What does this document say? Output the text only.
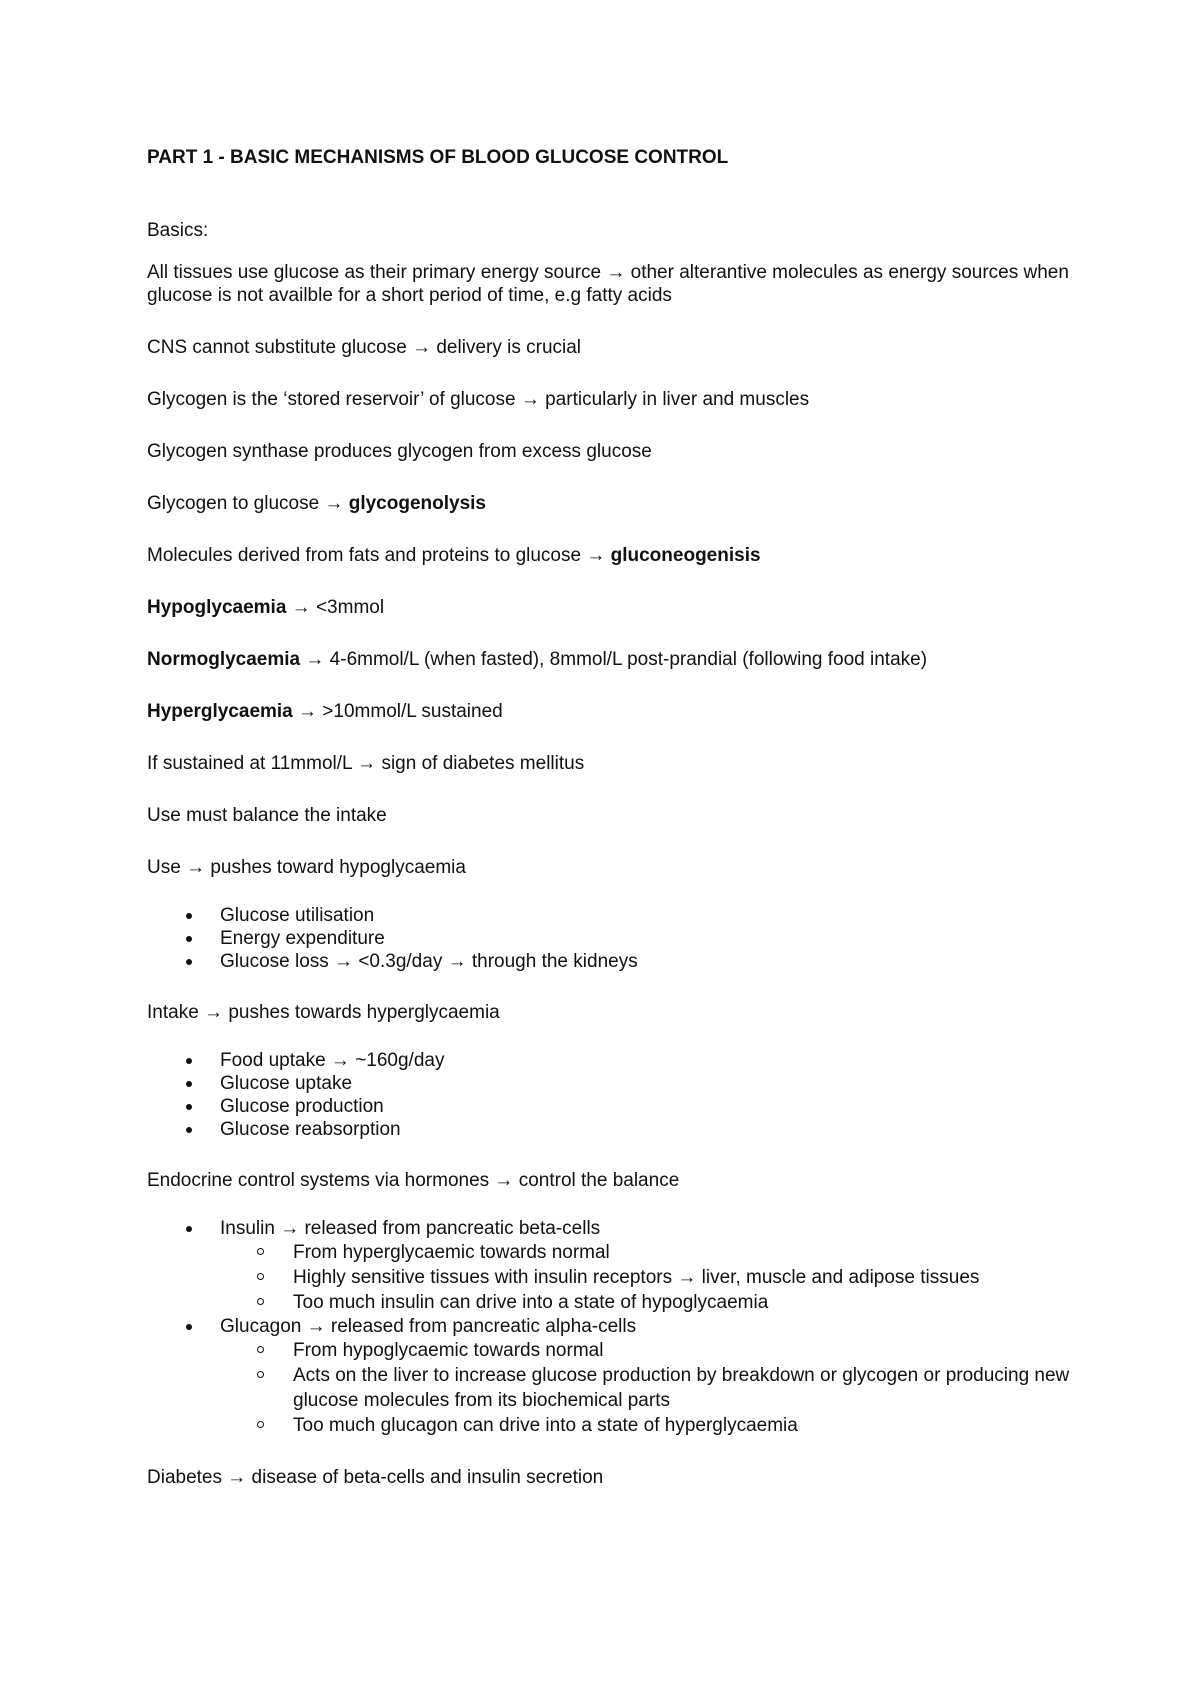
PART 1 - BASIC MECHANISMS OF BLOOD GLUCOSE CONTROL
Basics:
All tissues use glucose as their primary energy source → other alterantive molecules as energy sources when glucose is not availble for a short period of time, e.g fatty acids
CNS cannot substitute glucose → delivery is crucial
Glycogen is the ‘stored reservoir’ of glucose → particularly in liver and muscles
Glycogen synthase produces glycogen from excess glucose
Glycogen to glucose → glycogenolysis
Molecules derived from fats and proteins to glucose → gluconeogenisis
Hypoglycaemia → <3mmol
Normoglycaemia → 4-6mmol/L (when fasted), 8mmol/L post-prandial (following food intake)
Hyperglycaemia → >10mmol/L sustained
If sustained at 11mmol/L → sign of diabetes mellitus
Use must balance the intake
Use → pushes toward hypoglycaemia
Glucose utilisation
Energy expenditure
Glucose loss → <0.3g/day → through the kidneys
Intake → pushes towards hyperglycaemia
Food uptake → ~160g/day
Glucose uptake
Glucose production
Glucose reabsorption
Endocrine control systems via hormones → control the balance
Insulin → released from pancreatic beta-cells
From hyperglycaemic towards normal
Highly sensitive tissues with insulin receptors → liver, muscle and adipose tissues
Too much insulin can drive into a state of hypoglycaemia
Glucagon → released from pancreatic alpha-cells
From hypoglycaemic towards normal
Acts on the liver to increase glucose production by breakdown or glycogen or producing new glucose molecules from its biochemical parts
Too much glucagon can drive into a state of hyperglycaemia
Diabetes → disease of beta-cells and insulin secretion
